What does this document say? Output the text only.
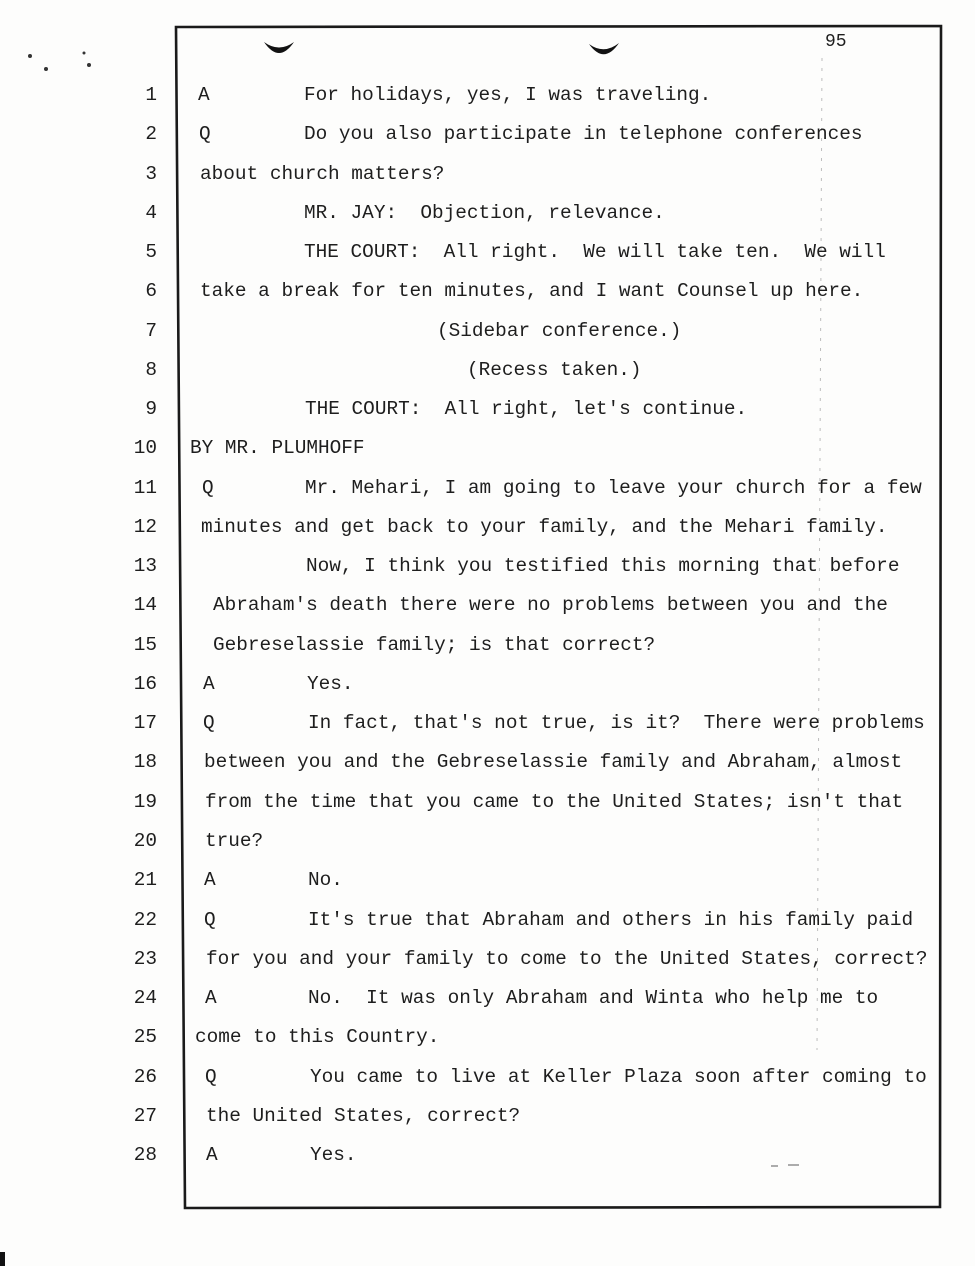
95
1 A	For holidays, yes, I was traveling.
2 Q	Do you also participate in telephone conferences
3 about church matters?
4	MR. JAY:  Objection, relevance.
5	THE COURT:  All right.  We will take ten.  We will
6 take a break for ten minutes, and I want Counsel up here.
7	(Sidebar conference.)
8	(Recess taken.)
9	THE COURT:  All right, let's continue.
10 BY MR. PLUMHOFF
11 Q	Mr. Mehari, I am going to leave your church for a few
12 minutes and get back to your family, and the Mehari family.
13	Now, I think you testified this morning that before
14	Abraham's death there were no problems between you and the
15	Gebreselassie family; is that correct?
16 A	Yes.
17 Q	In fact, that's not true, is it?  There were problems
18 between you and the Gebreselassie family and Abraham, almost
19 from the time that you came to the United States; isn't that
20 true?
21 A	No.
22 Q	It's true that Abraham and others in his family paid
23	for you and your family to come to the United States, correct?
24 A	No.  It was only Abraham and Winta who help me to
25 come to this Country.
26 Q	You came to live at Keller Plaza soon after coming to
27	the United States, correct?
28	A	Yes.
